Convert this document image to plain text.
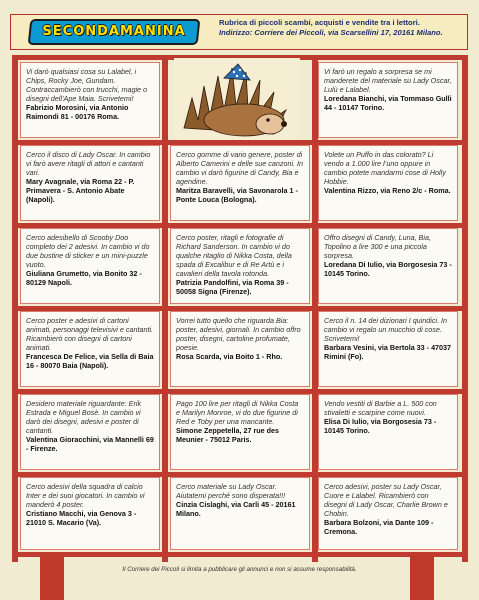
SECONDAMANINA
Rubrica di piccoli scambi, acquisti e vendite tra i lettori.
Indirizzo: Corriere dei Piccoli, via Scarsellini 17, 20161 Milano.
Vi darò qualsiasi cosa su Lalabel, i Chips, Rocky Joe, Gundam. Contraccambierò con trucchi, magie o disegni dell’Ape Maia. Scrivetemi!
Fabrizio Morosini, via Antonio Raimondi 81 - 00176 Roma.
Vi farò un regalo a sorpresa se mi manderete del materiale su Lady Oscar, Lulù e Lalabel.
Loredana Bianchi, via Tommaso Gulli 44 - 10147 Torino.
Cerco il disco di Lady Oscar. In cambio vi farò avere ritagli di attori e cantanti vari.
Mary Avagnale, via Roma 22 - P. Primavera - S. Antonio Abate (Napoli).
Cerco gomme di vario genere, poster di Alberto Camerini e delle sue canzoni. In cambio vi darò figurine di Candy, Bia e agendine.
Maritza Baravelli, via Savonarola 1 - Ponte Louca (Bologna).
Volete un Puffo in das colorato? Li vendo a 1.000 lire l’uno oppure in cambio potete mandarmi cose di Holly Hobbie.
Valentina Rizzo, via Reno 2/c - Roma.
Cerco adesibello di Scooby Doo completo dei 2 adesivi. In cambio vi do due bustine di sticker e un mini-puzzle vuoto.
Giuliana Grumetto, via Bonito 32 - 80129 Napoli.
Cerco poster, ritagli e fotografie di Richard Sanderson. In cambio vi do qualche ritaglio di Nikka Costa, della spada di Excalibur e di Re Artù e i cavalieri della tavola rotonda.
Patrizia Pandolfini, via Roma 39 - 50058 Signa (Firenze).
Offro disegni di Candy, Luna, Bia, Topolino a lire 300 e una piccola sorpresa.
Loredana Di Iulio, via Borgosesia 73 - 10145 Torino.
Cerco poster e adesivi di cartoni animati, personaggi televisivi e cantanti. Ricambierò con disegni di cartoni animati.
Francesca De Felice, via Sella di Baia 16 - 80070 Baia (Napoli).
Vorrei tutto quello che riguarda Bia: poster, adesivi, giornali. In cambio offro poster, disegni, cartoline profumate, poesie.
Rosa Scarda, via Boito 1 - Rho.
Cerco il n. 14 dei dizionari I quindici. In cambio vi regalo un mucchio di cose. Scrivetemi!
Barbara Vesini, via Bertola 33 - 47037 Rimini (Fo).
Desidero materiale riguardante: Erik Estrada e Miguel Bosè. In cambio vi darò dei disegni, adesivi e poster di cantanti.
Valentina Gioracchini, via Mannelli 69 - Firenze.
Pago 100 lire per ritagli di Nikka Costa e Marilyn Monroe, vi do due figurine di Red e Toby per una mancante.
Simone Zeppetella, 27 rue des Meunier - 75012 Paris.
Vendo vestiti di Barbie a L. 500 con stivaletti e scarpine come nuovi.
Elisa Di Iulio, via Borgosesia 73 - 10145 Torino.
Cerco adesivi della squadra di calcio Inter e dei suoi giocatori. In cambio vi manderò 4 poster.
Cristiano Macchi, via Genova 3 - 21010 S. Macario (Va).
Cerco materiale su Lady Oscar. Aiutatemi perché sono disperata!!!
Cinzia Cislaghi, via Carli 45 - 20161 Milano.
Cerco adesivi, poster su Lady Oscar, Cuore e Lalabel. Ricambierò con disegni di Lady Oscar, Charlie Brown e Chobin.
Barbara Bolzoni, via Dante 109 - Cremona.
Il Corriere dei Piccoli si limita a pubblicare gli annunci e non si assume responsabilità.
